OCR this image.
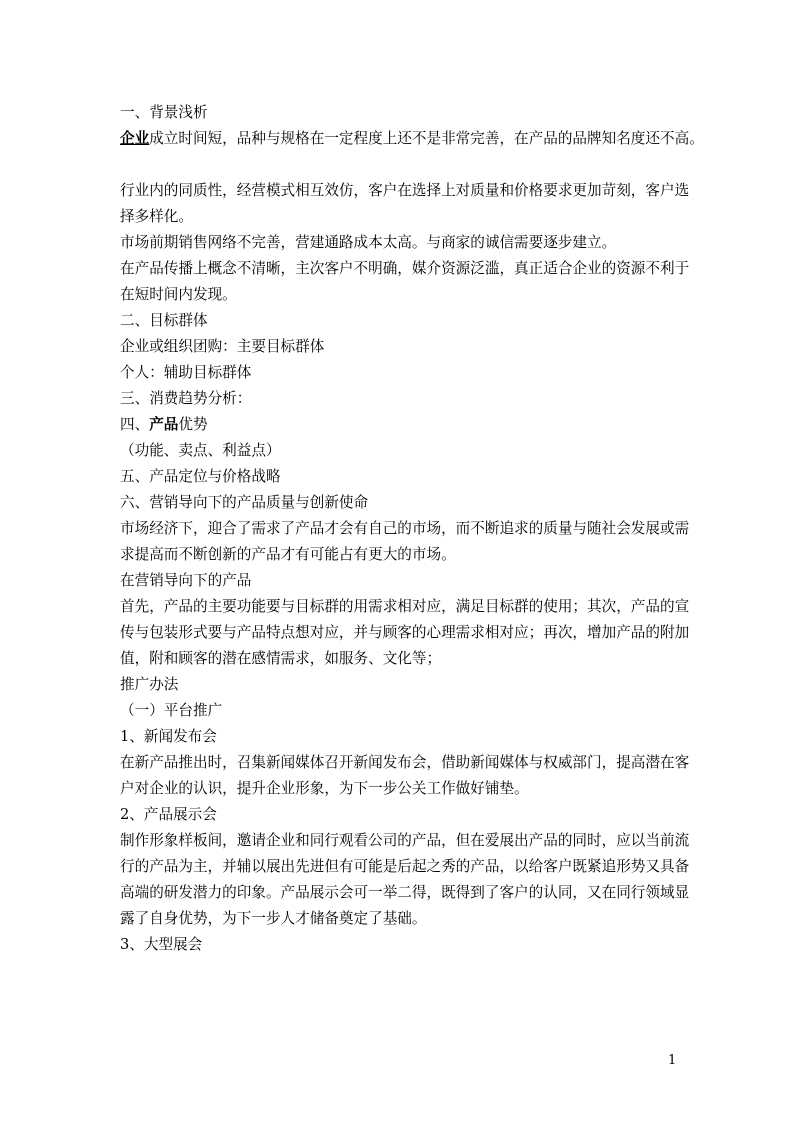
一、背景浅析
企业成立时间短，品种与规格在一定程度上还不是非常完善，在产品的品牌知名度还不高。
行业内的同质性，经营模式相互效仿，客户在选择上对质量和价格要求更加苛刻，客户选
择多样化。
市场前期销售网络不完善，营建通路成本太高。与商家的诚信需要逐步建立。
在产品传播上概念不清晰，主次客户不明确，媒介资源泛滥，真正适合企业的资源不利于
在短时间内发现。
二、目标群体
企业或组织团购：主要目标群体
个人：辅助目标群体
三、消费趋势分析：
四、产品优势
（功能、卖点、利益点）
五、产品定位与价格战略
六、营销导向下的产品质量与创新使命
市场经济下，迎合了需求了产品才会有自己的市场，而不断追求的质量与随社会发展或需
求提高而不断创新的产品才有可能占有更大的市场。
在营销导向下的产品
首先，产品的主要功能要与目标群的用需求相对应，满足目标群的使用；其次，产品的宣
传与包装形式要与产品特点想对应，并与顾客的心理需求相对应；再次，增加产品的附加
值，附和顾客的潜在感情需求，如服务、文化等；
推广办法
（一）平台推广
1、新闻发布会
在新产品推出时，召集新闻媒体召开新闻发布会，借助新闻媒体与权威部门，提高潜在客
户对企业的认识，提升企业形象，为下一步公关工作做好铺垫。
2、产品展示会
制作形象样板间，邀请企业和同行观看公司的产品，但在爱展出产品的同时，应以当前流
行的产品为主，并辅以展出先进但有可能是后起之秀的产品，以给客户既紧追形势又具备
高端的研发潜力的印象。产品展示会可一举二得，既得到了客户的认同，又在同行领域显
露了自身优势，为下一步人才储备奠定了基础。
3、大型展会
1
